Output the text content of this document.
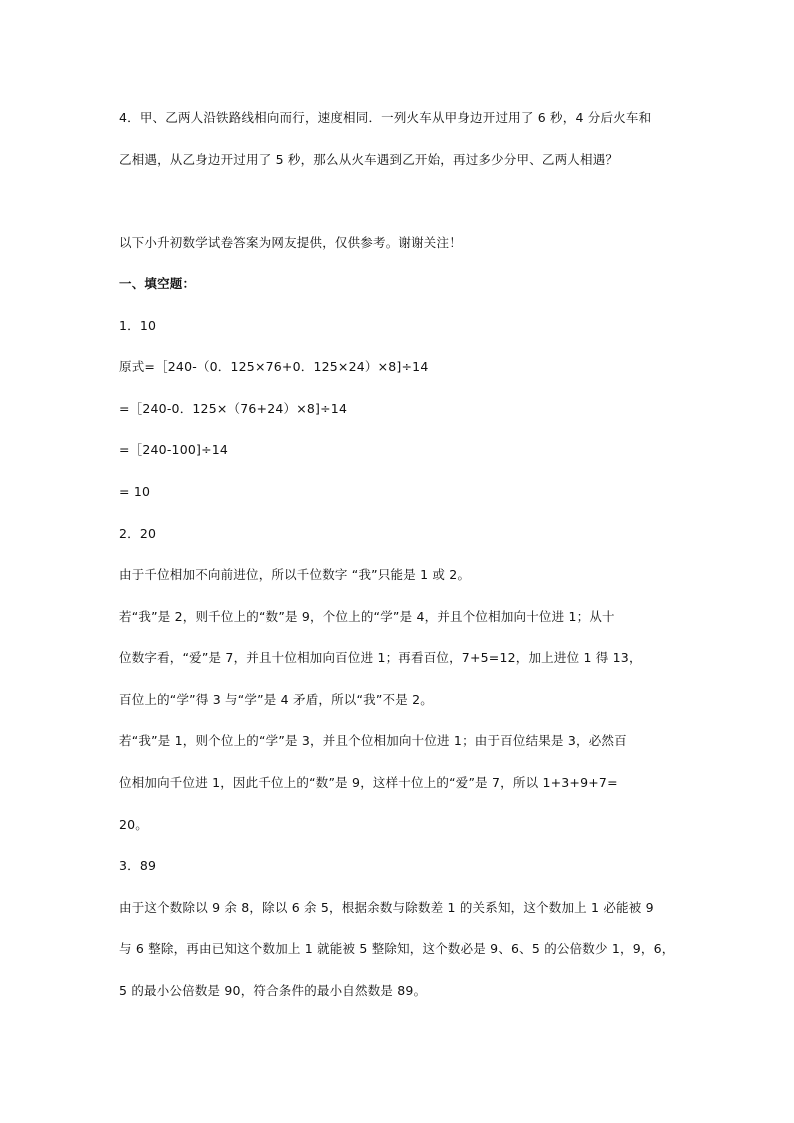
4．甲、乙两人沿铁路线相向而行，速度相同．一列火车从甲身边开过用了 6 秒，4 分后火车和
乙相遇，从乙身边开过用了 5 秒，那么从火车遇到乙开始，再过多少分甲、乙两人相遇？
以下小升初数学试卷答案为网友提供，仅供参考。谢谢关注！
一、填空题：
1．10
原式=［240-（0．125×76+0．125×24）×8]÷14
=［240-0．125×（76+24）×8]÷14
=［240-100]÷14
= 10
2．20
由于千位相加不向前进位，所以千位数字 “我”只能是 1 或 2。
若“我”是 2，则千位上的“数”是 9，个位上的“学”是 4，并且个位相加向十位进 1；从十
位数字看，“爱”是 7，并且十位相加向百位进 1；再看百位，7+5=12，加上进位 1 得 13，
百位上的“学”得 3 与“学”是 4 矛盾，所以“我”不是 2。
若“我”是 1，则个位上的“学”是 3，并且个位相加向十位进 1；由于百位结果是 3，必然百
位相加向千位进 1，因此千位上的“数”是 9，这样十位上的“爱”是 7，所以 1+3+9+7=
20。
3．89
由于这个数除以 9 余 8，除以 6 余 5，根据余数与除数差 1 的关系知，这个数加上 1 必能被 9
与 6 整除，再由已知这个数加上 1 就能被 5 整除知，这个数必是 9、6、5 的公倍数少 1，9，6，
5 的最小公倍数是 90，符合条件的最小自然数是 89。
